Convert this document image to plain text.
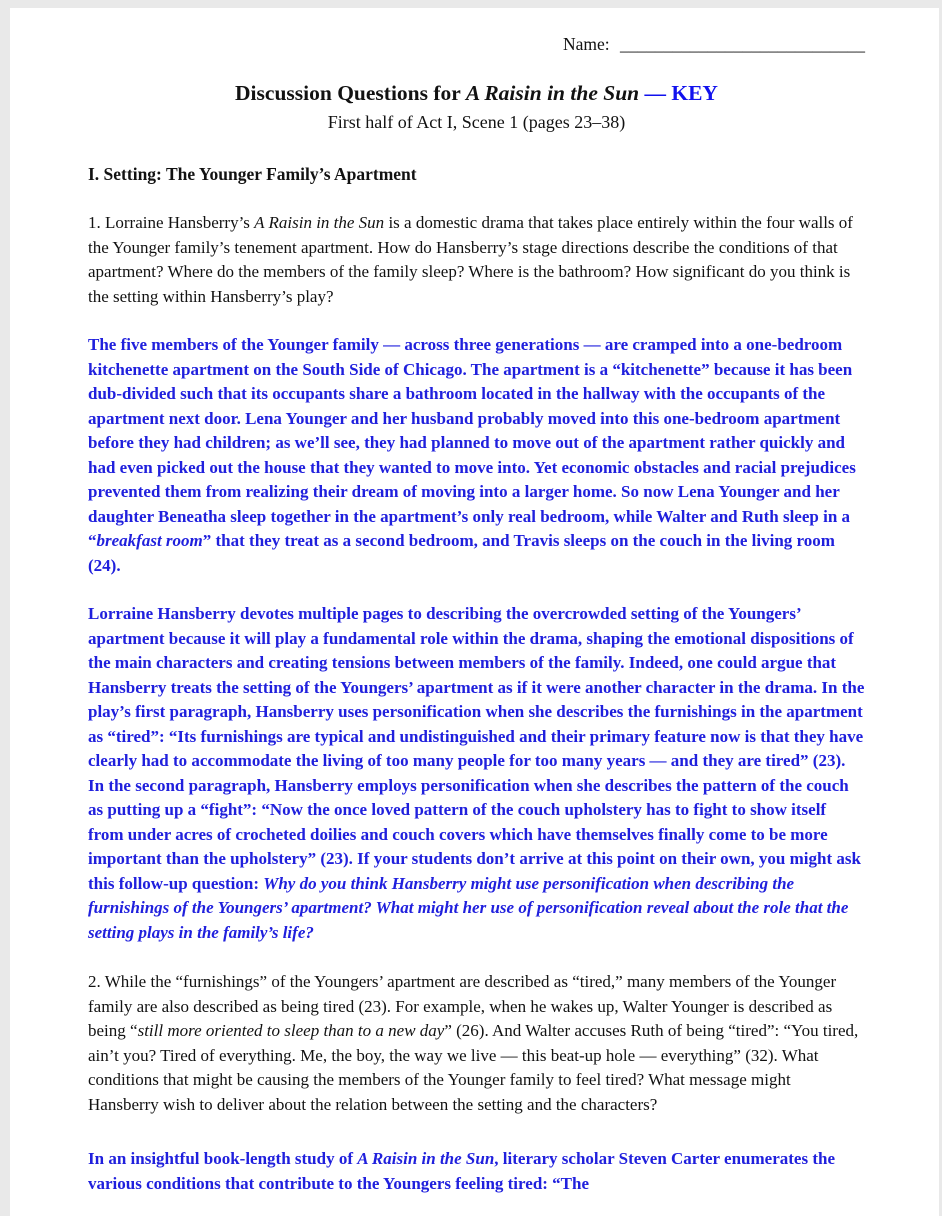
Name: ____________________________
Discussion Questions for A Raisin in the Sun — KEY
First half of Act I, Scene 1 (pages 23–38)
I. Setting: The Younger Family’s Apartment

1. Lorraine Hansberry’s A Raisin in the Sun is a domestic drama that takes place entirely within the four walls of the Younger family’s tenement apartment. How do Hansberry’s stage directions describe the conditions of that apartment? Where do the members of the family sleep? Where is the bathroom? How significant do you think is the setting within Hansberry’s play?

The five members of the Younger family — across three generations — are cramped into a one-bedroom kitchenette apartment on the South Side of Chicago. The apartment is a “kitchenette” because it has been dub-divided such that its occupants share a bathroom located in the hallway with the occupants of the apartment next door. Lena Younger and her husband probably moved into this one-bedroom apartment before they had children; as we’ll see, they had planned to move out of the apartment rather quickly and had even picked out the house that they wanted to move into. Yet economic obstacles and racial prejudices prevented them from realizing their dream of moving into a larger home. So now Lena Younger and her daughter Beneatha sleep together in the apartment’s only real bedroom, while Walter and Ruth sleep in a “breakfast room” that they treat as a second bedroom, and Travis sleeps on the couch in the living room (24).

Lorraine Hansberry devotes multiple pages to describing the overcrowded setting of the Youngers’ apartment because it will play a fundamental role within the drama, shaping the emotional dispositions of the main characters and creating tensions between members of the family. Indeed, one could argue that Hansberry treats the setting of the Youngers’ apartment as if it were another character in the drama. In the play’s first paragraph, Hansberry uses personification when she describes the furnishings in the apartment as “tired”: “Its furnishings are typical and undistinguished and their primary feature now is that they have clearly had to accommodate the living of too many people for too many years — and they are tired” (23). In the second paragraph, Hansberry employs personification when she describes the pattern of the couch as putting up a “fight”: “Now the once loved pattern of the couch upholstery has to fight to show itself from under acres of crocheted doilies and couch covers which have themselves finally come to be more important than the upholstery” (23). If your students don’t arrive at this point on their own, you might ask this follow-up question: Why do you think Hansberry might use personification when describing the furnishings of the Youngers’ apartment? What might her use of personification reveal about the role that the setting plays in the family’s life?

2. While the “furnishings” of the Youngers’ apartment are described as “tired,” many members of the Younger family are also described as being tired (23). For example, when he wakes up, Walter Younger is described as being “still more oriented to sleep than to a new day” (26). And Walter accuses Ruth of being “tired”: “You tired, ain’t you? Tired of everything. Me, the boy, the way we live — this beat-up hole — everything” (32). What conditions that might be causing the members of the Younger family to feel tired? What message might Hansberry wish to deliver about the relation between the setting and the characters?

In an insightful book-length study of A Raisin in the Sun, literary scholar Steven Carter enumerates the various conditions that contribute to the Youngers feeling tired: “The
